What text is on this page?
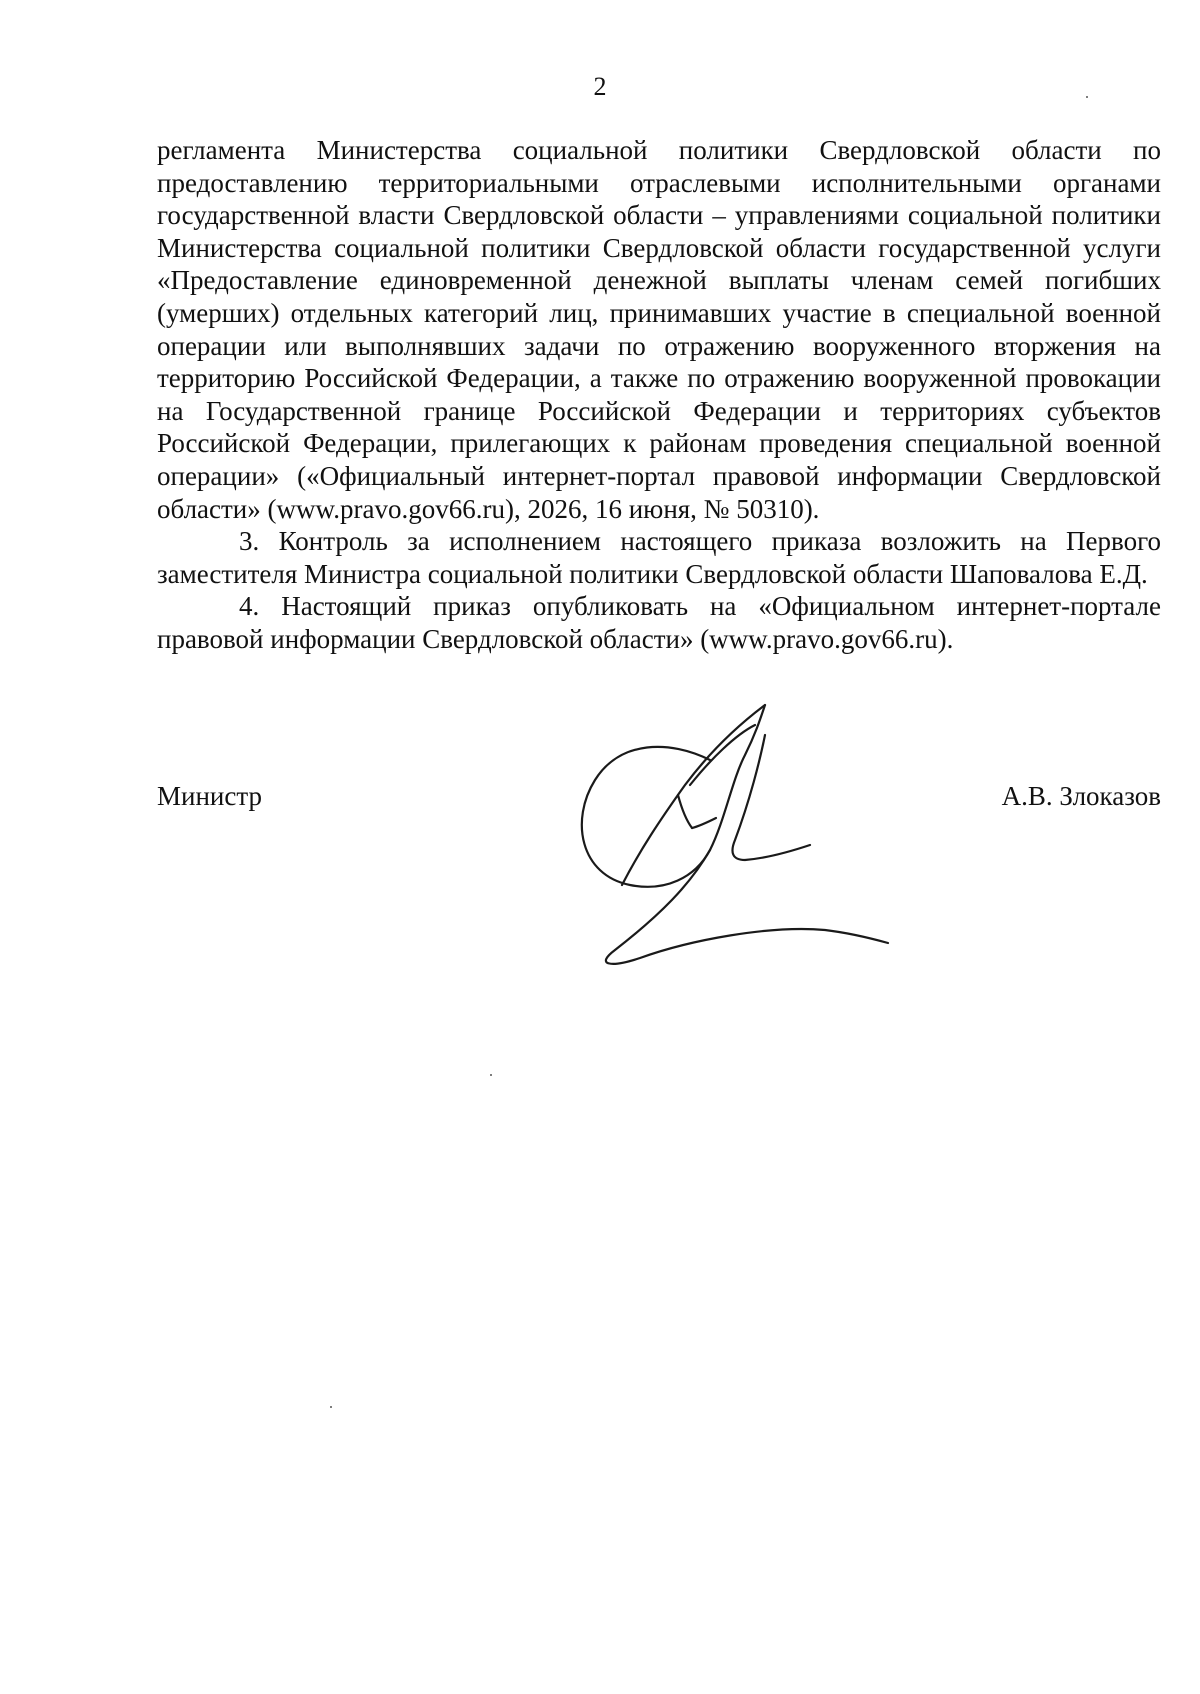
2

регламента Министерства социальной политики Свердловской области по предоставлению территориальными отраслевыми исполнительными органами государственной власти Свердловской области – управлениями социальной политики Министерства социальной политики Свердловской области государственной услуги «Предоставление единовременной денежной выплаты членам семей погибших (умерших) отдельных категорий лиц, принимавших участие в специальной военной операции или выполнявших задачи по отражению вооруженного вторжения на территорию Российской Федерации, а также по отражению вооруженной провокации на Государственной границе Российской Федерации и территориях субъектов Российской Федерации, прилегающих к районам проведения специальной военной операции» («Официальный интернет-портал правовой информации Свердловской области» (www.pravo.gov66.ru), 2026, 16 июня, № 50310).

3. Контроль за исполнением настоящего приказа возложить на Первого заместителя Министра социальной политики Свердловской области Шаповалова Е.Д.

4. Настоящий приказ опубликовать на «Официальном интернет-портале правовой информации Свердловской области» (www.pravo.gov66.ru).

Министр	А.В. Злоказов
